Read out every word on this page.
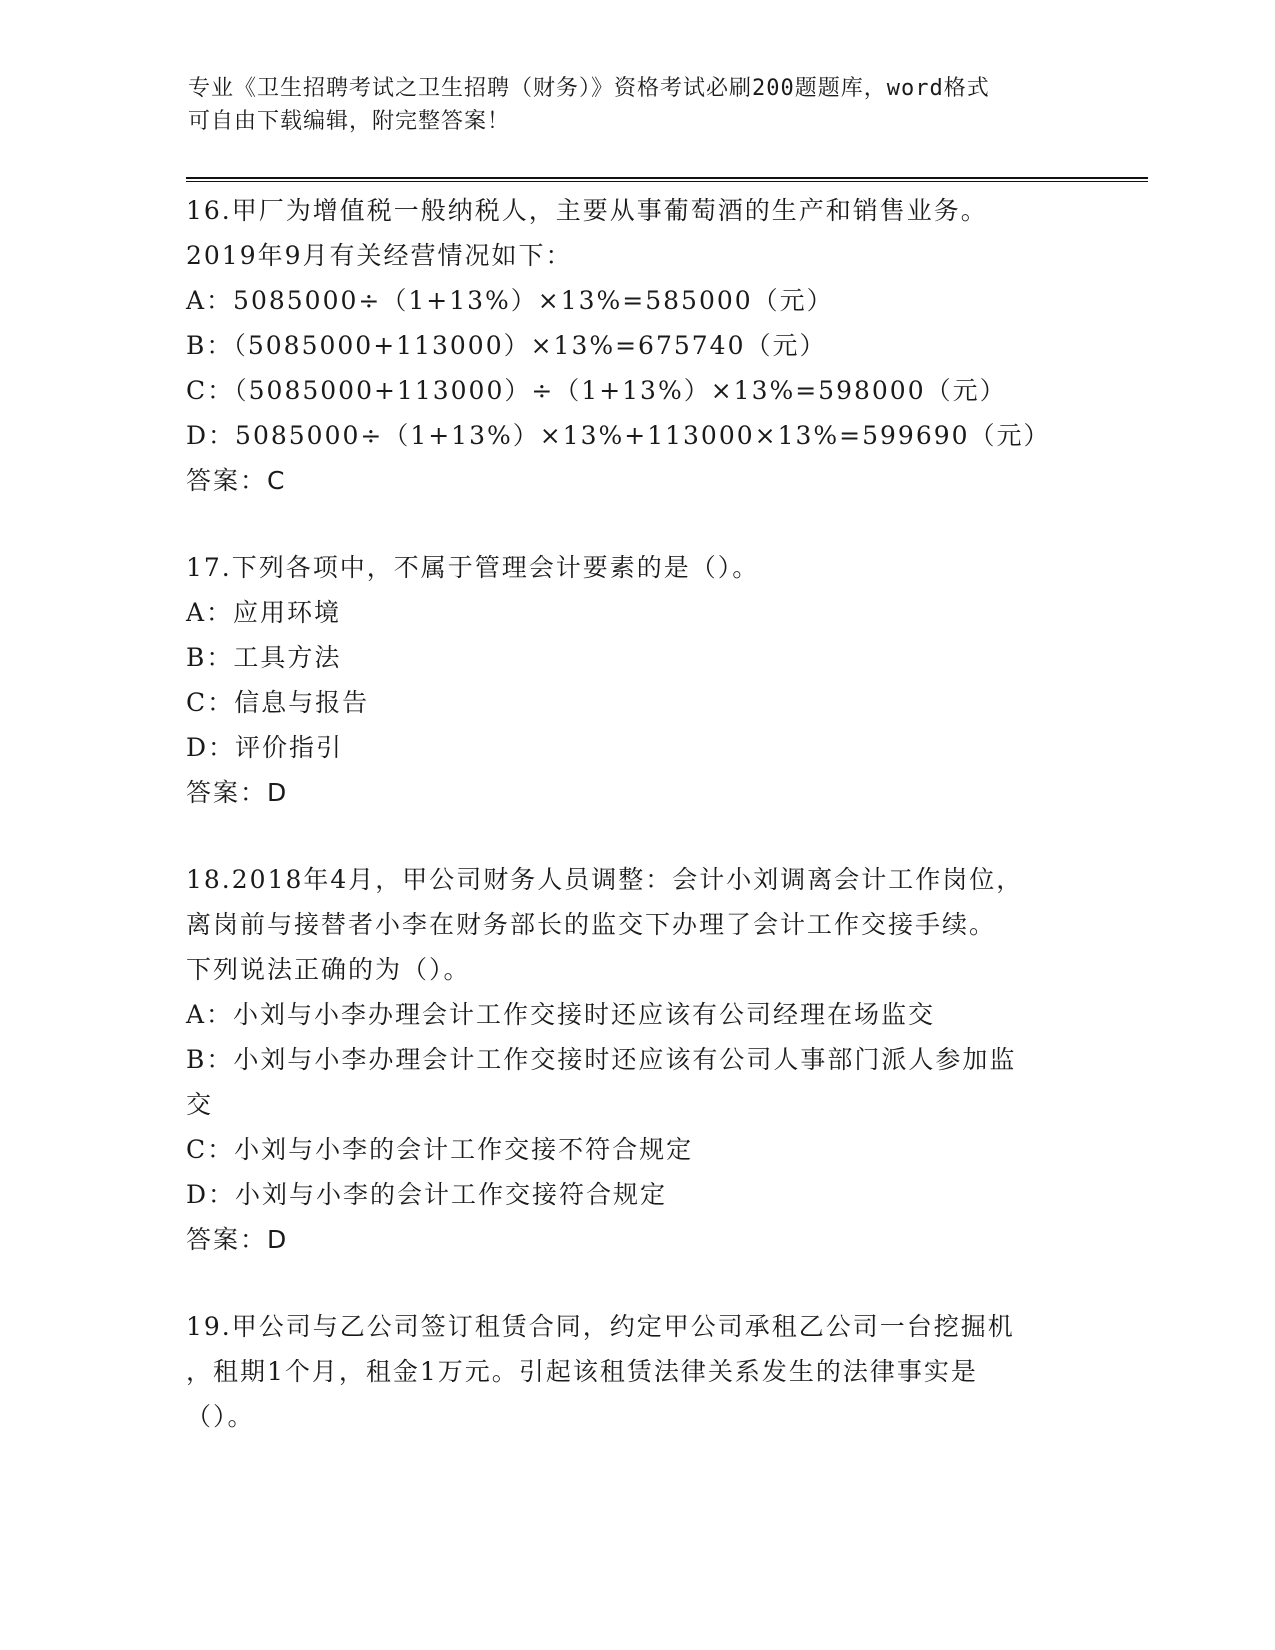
专业《卫生招聘考试之卫生招聘（财务）》资格考试必刷200题题库，word格式
可自由下载编辑，附完整答案！
16.甲厂为增值税一般纳税人，主要从事葡萄酒的生产和销售业务。
2019年9月有关经营情况如下：
A：5085000÷（1+13%）×13%=585000（元）
B：（5085000+113000）×13%=675740（元）
C：（5085000+113000）÷（1+13%）×13%=598000（元）
D：5085000÷（1+13%）×13%+113000×13%=599690（元）
答案：C
17.下列各项中，不属于管理会计要素的是（）。
A：应用环境
B：工具方法
C：信息与报告
D：评价指引
答案：D
18.2018年4月，甲公司财务人员调整：会计小刘调离会计工作岗位，
离岗前与接替者小李在财务部长的监交下办理了会计工作交接手续。
下列说法正确的为（）。
A：小刘与小李办理会计工作交接时还应该有公司经理在场监交
B：小刘与小李办理会计工作交接时还应该有公司人事部门派人参加监
交
C：小刘与小李的会计工作交接不符合规定
D：小刘与小李的会计工作交接符合规定
答案：D
19.甲公司与乙公司签订租赁合同，约定甲公司承租乙公司一台挖掘机
，租期1个月，租金1万元。引起该租赁法律关系发生的法律事实是
（）。
